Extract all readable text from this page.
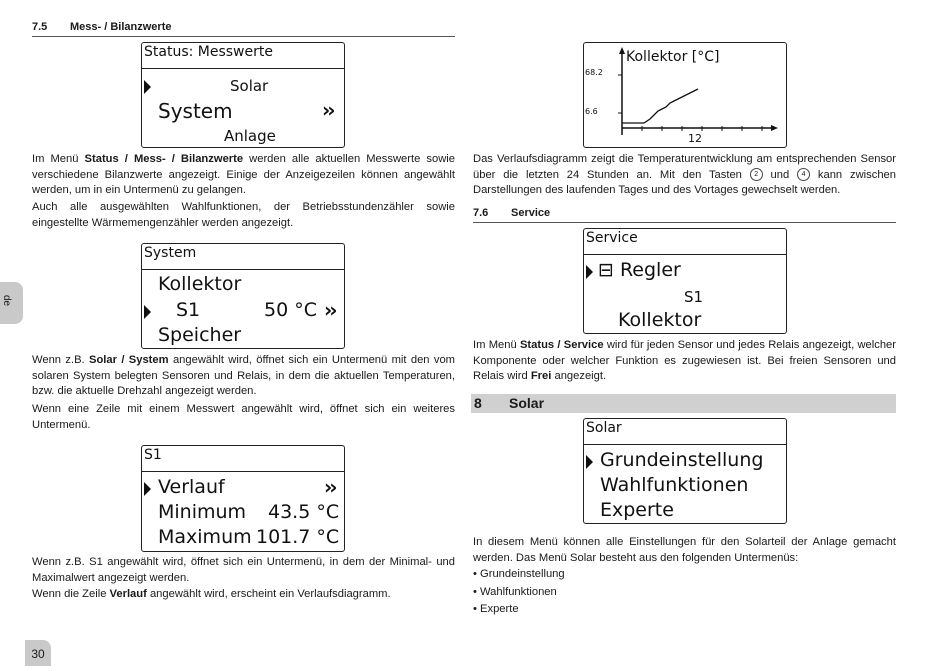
7.5 Mess- / Bilanzwerte
Status: Messwerte
Solar
System	››
Anlage

Im Menü Status / Mess- / Bilanzwerte werden alle aktuellen Messwerte sowie verschiedene Bilanzwerte angezeigt. Einige der Anzeigezeilen können angewählt werden, um in ein Untermenü zu gelangen.

Auch alle ausgewählten Wahlfunktionen, der Betriebsstundenzähler sowie eingestellte Wärmemengenzähler werden angezeigt.

System
Kollektor
S1	50 °C ››
Speicher
de

Wenn z.B. Solar / System angewählt wird, öffnet sich ein Untermenü mit den vom solaren System belegten Sensoren und Relais, in dem die aktuellen Temperaturen, bzw. die aktuelle Drehzahl angezeigt werden.

Wenn eine Zeile mit einem Messwert angewählt wird, öffnet sich ein weiteres Untermenü.

S1
Verlauf	››
Minimum 43.5 °C
Maximum 101.7 °C

Wenn z.B. S1 angewählt wird, öffnet sich ein Untermenü, in dem der Minimal- und Maximalwert angezeigt werden.

Wenn die Zeile Verlauf angewählt wird, erscheint ein Verlaufsdiagramm.

30
Kollektor [°C]
68.2
6.6
12

Das Verlaufsdiagramm zeigt die Temperaturentwicklung am entsprechenden Sensor über die letzten 24 Stunden an. Mit den Tasten 2 und 4 kann zwischen Darstellungen des laufenden Tages und des Vortages gewechselt werden.

7.6 Service
Service
⊟ Regler
S1
Kollektor

Im Menü Status / Service wird für jeden Sensor und jedes Relais angezeigt, welcher Komponente oder welcher Funktion es zugewiesen ist. Bei freien Sensoren und Relais wird Frei angezeigt.

8 Solar
Solar
Grundeinstellung
Wahlfunktionen
Experte

In diesem Menü können alle Einstellungen für den Solarteil der Anlage gemacht werden. Das Menü Solar besteht aus den folgenden Untermenüs:

• Grundeinstellung
• Wahlfunktionen
• Experte
